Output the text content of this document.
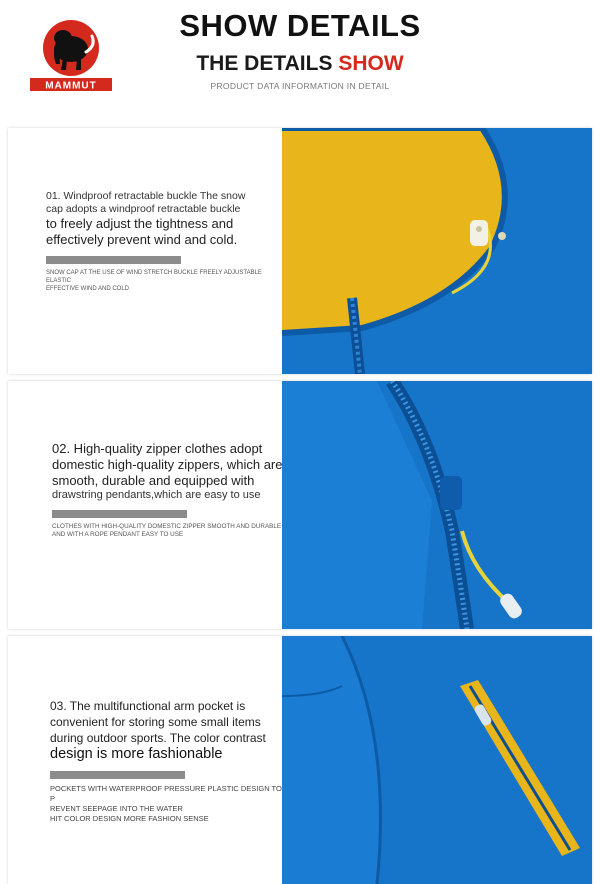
MAMMUT
SHOW DETAILS
THE DETAILS SHOW
PRODUCT DATA INFORMATION IN DETAIL
01. Windproof retractable buckle The snow
cap adopts a windproof retractable buckle
to freely adjust the tightness and
effectively prevent wind and cold.
SNOW CAP AT THE USE OF WIND STRETCH BUCKLE FREELY ADJUSTABLE ELASTIC
EFFECTIVE WIND AND COLD
02. High-quality zipper clothes adopt
domestic high-quality zippers, which are
smooth, durable and equipped with
drawstring pendants,which are easy to use
CLOTHES WITH HIGH-QUALITY DOMESTIC ZIPPER SMOOTH AND DURABLE
AND WITH A ROPE PENDANT EASY TO USE
03. The multifunctional arm pocket is
convenient for storing some small items
during outdoor sports. The color contrast
design is more fashionable
POCKETS WITH WATERPROOF PRESSURE PLASTIC DESIGN TO P
REVENT SEEPAGE INTO THE WATER
HIT COLOR DESIGN MORE FASHION SENSE
